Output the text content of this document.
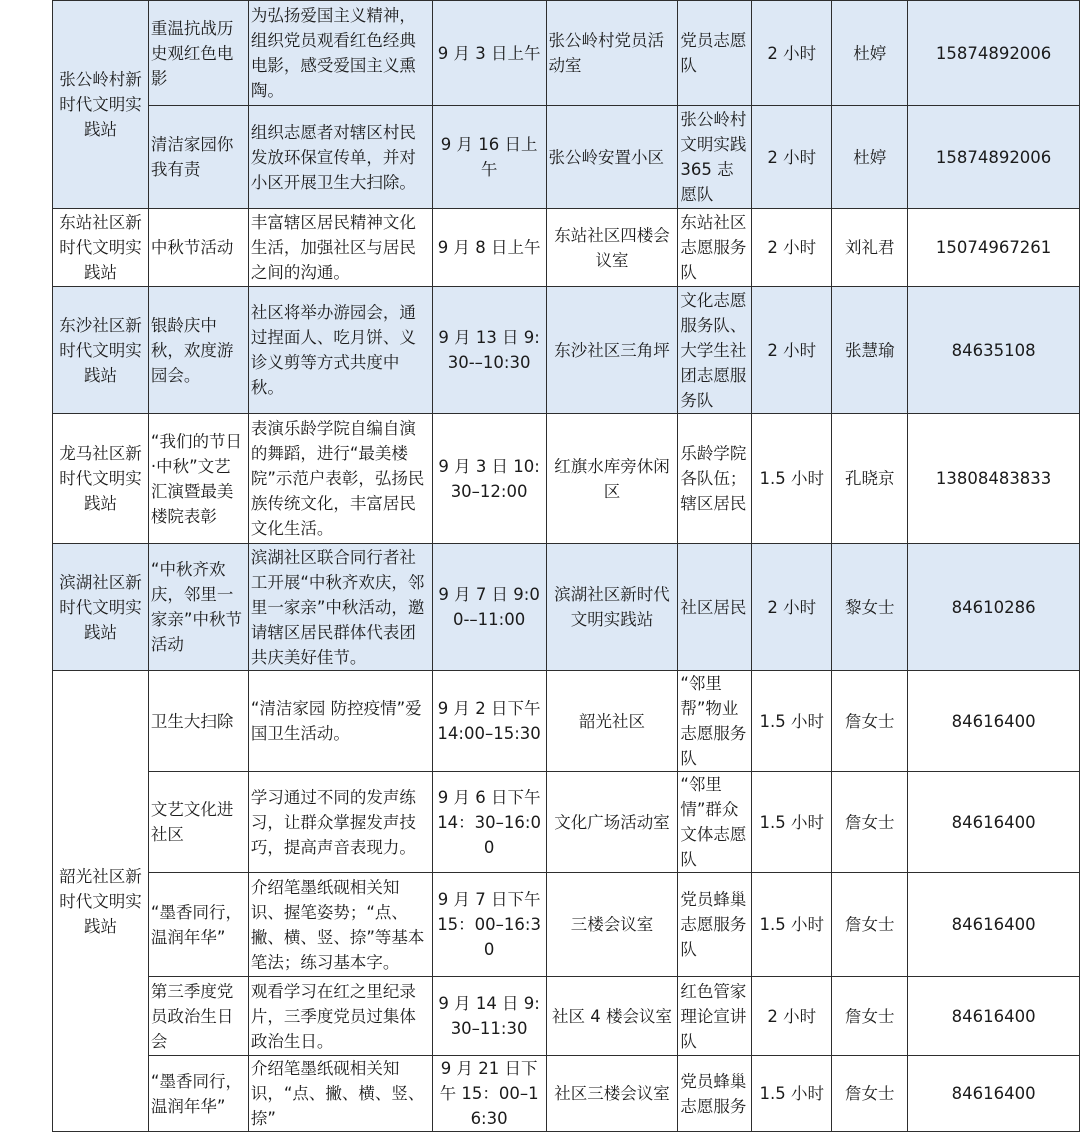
张公岭村新时代文明实践站	重温抗战历史观红色电影	为弘扬爱国主义精神，组织党员观看红色经典电影，感受爱国主义熏陶。	9 月 3 日上午	张公岭村党员活动室	党员志愿队	2 小时	杜婷	15874892006
	清洁家园你我有责	组织志愿者对辖区村民发放环保宣传单，并对小区开展卫生大扫除。	9 月 16 日上午	张公岭安置小区	张公岭村文明实践 365 志愿队	2 小时	杜婷	15874892006
东站社区新时代文明实践站	中秋节活动	丰富辖区居民精神文化生活，加强社区与居民之间的沟通。	9 月 8 日上午	东站社区四楼会议室	东站社区志愿服务队	2 小时	刘礼君	15074967261
东沙社区新时代文明实践站	银龄庆中秋，欢度游园会。	社区将举办游园会，通过捏面人、吃月饼、义诊义剪等方式共度中秋。	9 月 13 日 9:30-–10:30	东沙社区三角坪	文化志愿服务队、大学生社团志愿服务队	2 小时	张慧瑜	84635108
龙马社区新时代文明实践站	“我们的节日·中秋”文艺汇演暨最美楼院表彰	表演乐龄学院自编自演的舞蹈，进行“最美楼院”示范户表彰，弘扬民族传统文化，丰富居民文化生活。	9 月 3 日 10:30–12:00	红旗水库旁休闲区	乐龄学院各队伍；辖区居民	1.5 小时	孔晓京	13808483833
滨湖社区新时代文明实践站	“中秋齐欢庆，邻里一家亲”中秋节活动	滨湖社区联合同行者社工开展“中秋齐欢庆，邻里一家亲”中秋活动，邀请辖区居民群体代表团共庆美好佳节。	9 月 7 日 9:00-–11:00	滨湖社区新时代文明实践站	社区居民	2 小时	黎女士	84610286
韶光社区新时代文明实践站	卫生大扫除	“清洁家园 防控疫情”爱国卫生活动。	9 月 2 日下午 14:00–15:30	韶光社区	“邻里帮”物业志愿服务队	1.5 小时	詹女士	84616400
	文艺文化进社区	学习通过不同的发声练习，让群众掌握发声技巧，提高声音表现力。	9 月 6 日下午 14：30–16:00	文化广场活动室	“邻里情”群众文体志愿队	1.5 小时	詹女士	84616400
	“墨香同行，温润年华”	介绍笔墨纸砚相关知识、握笔姿势；“点、撇、横、竖、捺”等基本笔法；练习基本字。	9 月 7 日下午 15：00–16:30	三楼会议室	党员蜂巢志愿服务队	1.5 小时	詹女士	84616400
	第三季度党员政治生日会	观看学习在红之里纪录片，三季度党员过集体政治生日。	9 月 14 日 9:30–11:30	社区 4 楼会议室	红色管家理论宣讲队	2 小时	詹女士	84616400
	“墨香同行，温润年华”	介绍笔墨纸砚相关知识，“点、撇、横、竖、捺”	9 月 21 日下午 15：00–16:30	社区三楼会议室	党员蜂巢志愿服务	1.5 小时	詹女士	84616400
